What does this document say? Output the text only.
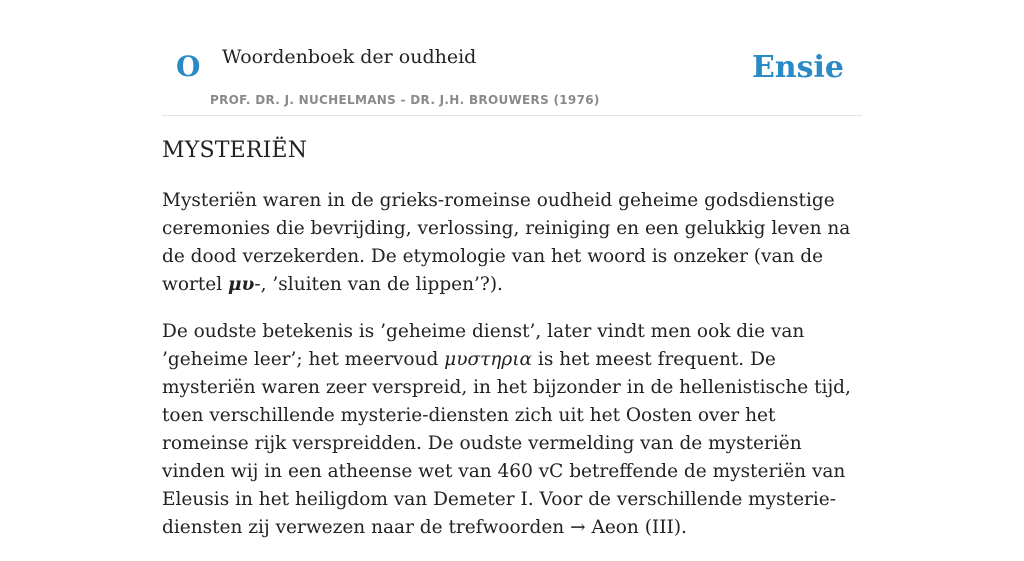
O Woordenboek der oudheid
PROF. DR. J. NUCHELMANS - DR. J.H. BROUWERS (1976)
Ensie
MYSTERIËN

Mysteriën waren in de grieks-romeinse oudheid geheime godsdienstige ceremonies die bevrijding, verlossing, reiniging en een gelukkig leven na de dood verzekerden. De etymologie van het woord is onzeker (van de wortel μυ-, ’sluiten van de lippen’?).

De oudste betekenis is ’geheime dienst’, later vindt men ook die van ’geheime leer’; het meervoud μυστηρια is het meest frequent. De mysteriën waren zeer verspreid, in het bijzonder in de hellenistische tijd, toen verschillende mysterie-diensten zich uit het Oosten over het romeinse rijk verspreidden. De oudste vermelding van de mysteriën vinden wij in een atheense wet van 460 vC betreffende de mysteriën van Eleusis in het heiligdom van Demeter I. Voor de verschillende mysterie-diensten zij verwezen naar de trefwoorden → Aeon (III).
